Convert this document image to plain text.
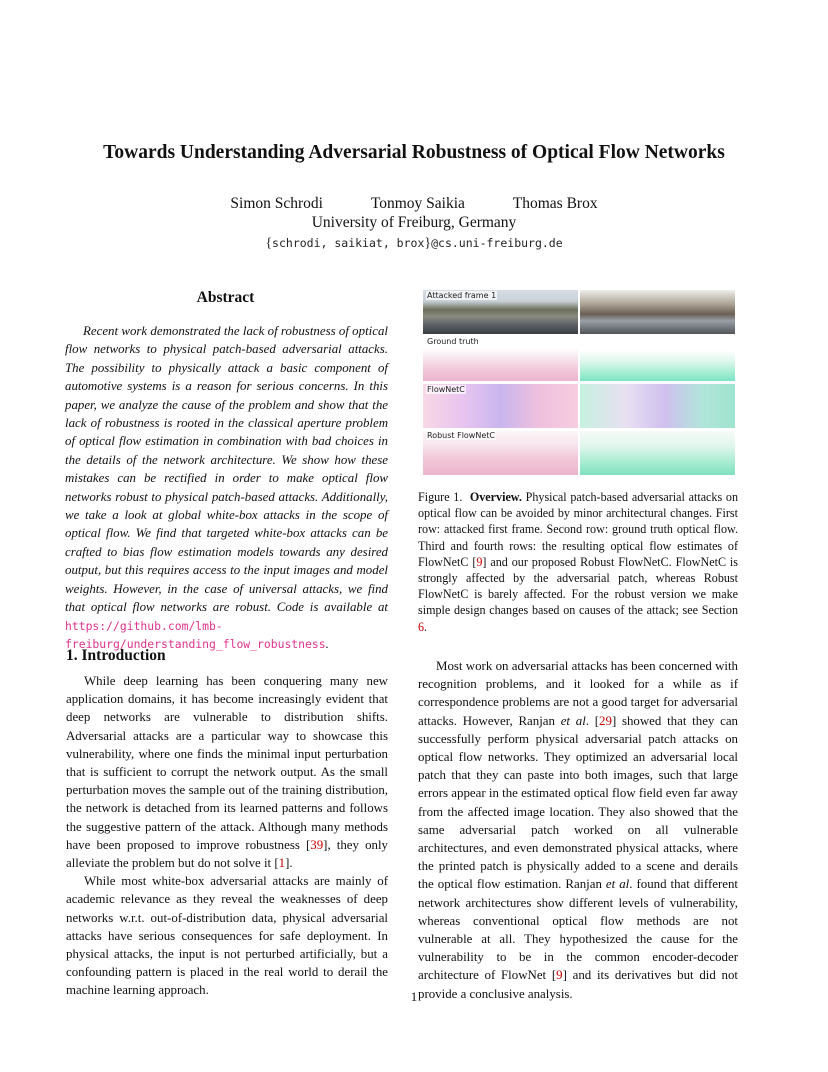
Towards Understanding Adversarial Robustness of Optical Flow Networks
Simon Schrodi	Tonmoy Saikia	Thomas Brox
University of Freiburg, Germany
{schrodi, saikiat, brox}@cs.uni-freiburg.de
Abstract
Recent work demonstrated the lack of robustness of optical flow networks to physical patch-based adversarial attacks. The possibility to physically attack a basic component of automotive systems is a reason for serious concerns. In this paper, we analyze the cause of the problem and show that the lack of robustness is rooted in the classical aperture problem of optical flow estimation in combination with bad choices in the details of the network architecture. We show how these mistakes can be rectified in order to make optical flow networks robust to physical patch-based attacks. Additionally, we take a look at global white-box attacks in the scope of optical flow. We find that targeted white-box attacks can be crafted to bias flow estimation models towards any desired output, but this requires access to the input images and model weights. However, in the case of universal attacks, we find that optical flow networks are robust. Code is available at https://github.com/lmb-freiburg/understanding_flow_robustness.
1. Introduction

While deep learning has been conquering many new application domains, it has become increasingly evident that deep networks are vulnerable to distribution shifts. Adversarial attacks are a particular way to showcase this vulnerability, where one finds the minimal input perturbation that is sufficient to corrupt the network output. As the small perturbation moves the sample out of the training distribution, the network is detached from its learned patterns and follows the suggestive pattern of the attack. Although many methods have been proposed to improve robustness [39], they only alleviate the problem but do not solve it [1].

While most white-box adversarial attacks are mainly of academic relevance as they reveal the weaknesses of deep networks w.r.t. out-of-distribution data, physical adversarial attacks have serious consequences for safe deployment. In physical attacks, the input is not perturbed artificially, but a confounding pattern is placed in the real world to derail the machine learning approach.

Attacked frame 1
Ground truth
FlowNetC
Robust FlowNetC
Figure 1. Overview. Physical patch-based adversarial attacks on optical flow can be avoided by minor architectural changes. First row: attacked first frame. Second row: ground truth optical flow. Third and fourth rows: the resulting optical flow estimates of FlowNetC [9] and our proposed Robust FlowNetC. FlowNetC is strongly affected by the adversarial patch, whereas Robust FlowNetC is barely affected. For the robust version we make simple design changes based on causes of the attack; see Section 6.

Most work on adversarial attacks has been concerned with recognition problems, and it looked for a while as if correspondence problems are not a good target for adversarial attacks. However, Ranjan et al. [29] showed that they can successfully perform physical adversarial patch attacks on optical flow networks. They optimized an adversarial local patch that they can paste into both images, such that large errors appear in the estimated optical flow field even far away from the affected image location. They also showed that the same adversarial patch worked on all vulnerable architectures, and even demonstrated physical attacks, where the printed patch is physically added to a scene and derails the optical flow estimation. Ranjan et al. found that different network architectures show different levels of vulnerability, whereas conventional optical flow methods are not vulnerable at all. They hypothesized the cause for the vulnerability to be in the common encoder-decoder architecture of FlowNet [9] and its derivatives but did not provide a conclusive analysis.

1
